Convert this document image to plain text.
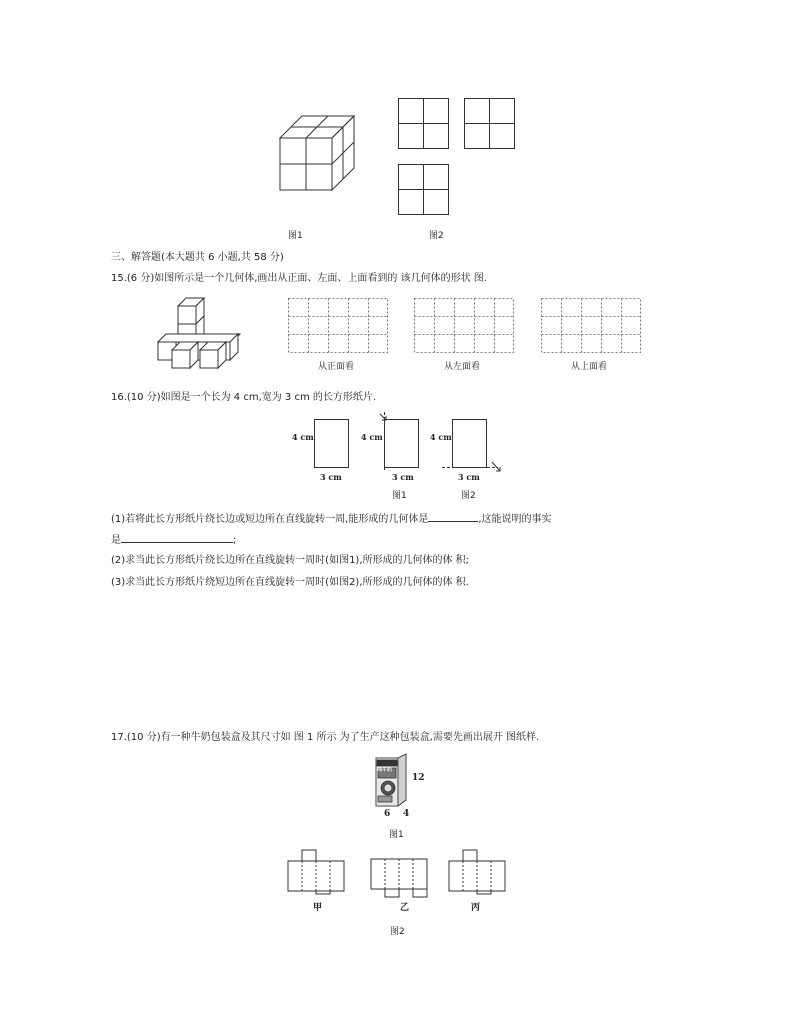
图1	图2
三、解答题(本大题共 6 小题,共 58 分)
15.(6 分)如图所示是一个几何体,画出从正面、左面、上面看到的 该几何体的形状 图.
从正面看	从左面看	从上面看
16.(10 分)如图是一个长为 4 cm,宽为 3 cm 的长方形纸片.
4 cm
3 cm
4 cm
3 cm
4 cm
3 cm
图1	图2
(1)若将此长方形纸片绕长边或短边所在直线旋转一周,能形成的几何体是	,这能说明的事实
是	;
(2)求当此长方形纸片绕长边所在直线旋转一周时(如图1),所形成的几何体的体 积;
(3)求当此长方形纸片绕短边所在直线旋转一周时(如图2),所形成的几何体的体 积.
17.(10 分)有一种牛奶包装盒及其尺寸如 图 1 所示 为了生产这种包装盒,需要先画出展开 图纸样.
纯牛奶
12
6 4
图1
甲	乙	丙
图2
